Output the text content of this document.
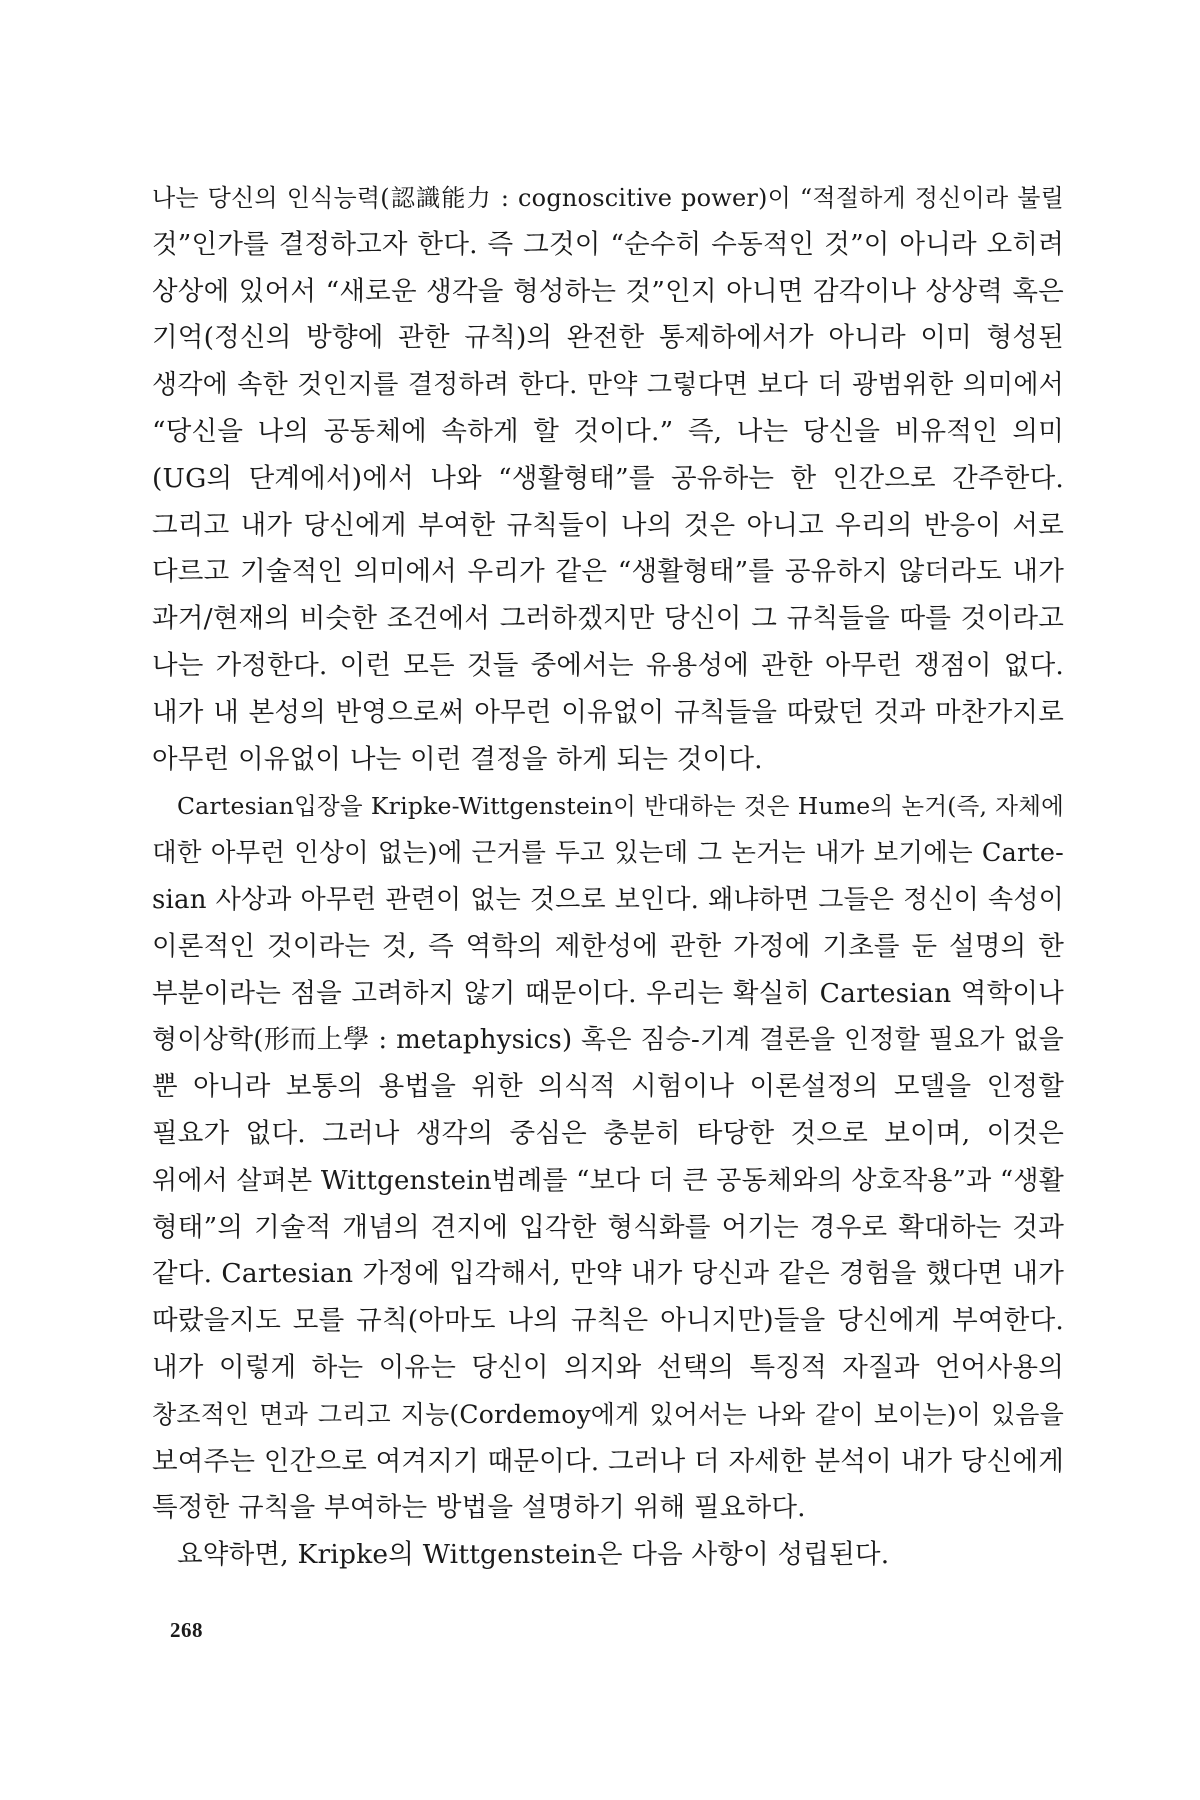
나는 당신의 인식능력(認識能力 : cognoscitive power)이 “적절하게 정신이라 불릴
것”인가를 결정하고자 한다. 즉 그것이 “순수히 수동적인 것”이 아니라 오히려
상상에 있어서 “새로운 생각을 형성하는 것”인지 아니면 감각이나 상상력 혹은
기억(정신의 방향에 관한 규칙)의 완전한 통제하에서가 아니라 이미 형성된
생각에 속한 것인지를 결정하려 한다. 만약 그렇다면 보다 더 광범위한 의미에서
“당신을 나의 공동체에 속하게 할 것이다.” 즉, 나는 당신을 비유적인 의미
(UG의 단계에서)에서 나와 “생활형태”를 공유하는 한 인간으로 간주한다.
그리고 내가 당신에게 부여한 규칙들이 나의 것은 아니고 우리의 반응이 서로
다르고 기술적인 의미에서 우리가 같은 “생활형태”를 공유하지 않더라도 내가
과거/현재의 비슷한 조건에서 그러하겠지만 당신이 그 규칙들을 따를 것이라고
나는 가정한다. 이런 모든 것들 중에서는 유용성에 관한 아무런 쟁점이 없다.
내가 내 본성의 반영으로써 아무런 이유없이 규칙들을 따랐던 것과 마찬가지로
아무런 이유없이 나는 이런 결정을 하게 되는 것이다.
Cartesian입장을 Kripke-Wittgenstein이 반대하는 것은 Hume의 논거(즉, 자체에
대한 아무런 인상이 없는)에 근거를 두고 있는데 그 논거는 내가 보기에는 Carte-
sian 사상과 아무런 관련이 없는 것으로 보인다. 왜냐하면 그들은 정신이 속성이
이론적인 것이라는 것, 즉 역학의 제한성에 관한 가정에 기초를 둔 설명의 한
부분이라는 점을 고려하지 않기 때문이다. 우리는 확실히 Cartesian 역학이나
형이상학(形而上學 : metaphysics) 혹은 짐승-기계 결론을 인정할 필요가 없을
뿐 아니라 보통의 용법을 위한 의식적 시험이나 이론설정의 모델을 인정할
필요가 없다. 그러나 생각의 중심은 충분히 타당한 것으로 보이며, 이것은
위에서 살펴본 Wittgenstein범례를 “보다 더 큰 공동체와의 상호작용”과 “생활
형태”의 기술적 개념의 견지에 입각한 형식화를 어기는 경우로 확대하는 것과
같다. Cartesian 가정에 입각해서, 만약 내가 당신과 같은 경험을 했다면 내가
따랐을지도 모를 규칙(아마도 나의 규칙은 아니지만)들을 당신에게 부여한다.
내가 이렇게 하는 이유는 당신이 의지와 선택의 특징적 자질과 언어사용의
창조적인 면과 그리고 지능(Cordemoy에게 있어서는 나와 같이 보이는)이 있음을
보여주는 인간으로 여겨지기 때문이다. 그러나 더 자세한 분석이 내가 당신에게
특정한 규칙을 부여하는 방법을 설명하기 위해 필요하다.
요약하면, Kripke의 Wittgenstein은 다음 사항이 성립된다.
268
